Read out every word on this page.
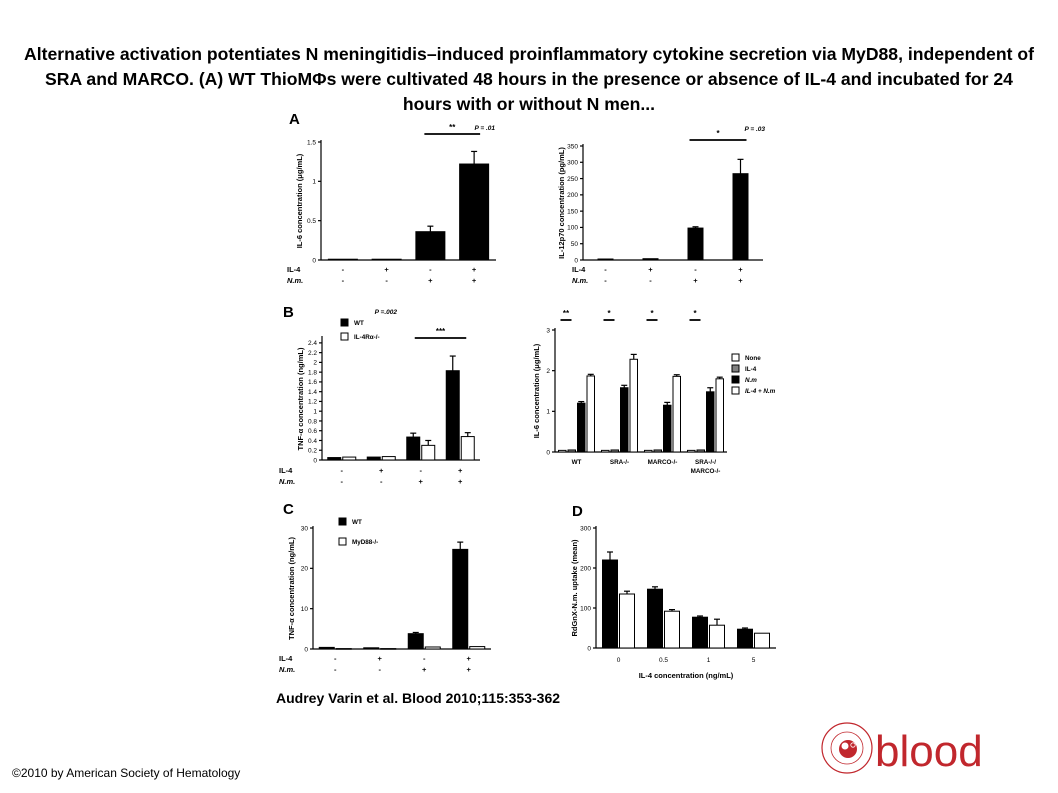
Alternative activation potentiates N meningitidis–induced proinflammatory cytokine secretion via MyD88, independent of SRA and MARCO. (A) WT ThioMΦs were cultivated 48 hours in the presence or absence of IL-4 and incubated for 24 hours with or without N men...
A
0
0.5
1
1.5
IL-6 concentration (μg/mL)
IL-4	-	+	-	+
N.m.	-	-	+	+
**	P = .01
0
50
100
150
200
250
300
350
IL-12p70 concentration (pg/mL)
IL-4	-	+	-	+
N.m. -	-	+	+
*	P = .03
B
0
0.2
0.4
0.6
0.8
1
1.2
1.4
1.6
1.8
2
2.2
2.4
TNF-α concentration (ng/mL)
IL-4	-	+	-	+
N.m.	-	-	+	+
***
P =.002
WT
IL-4Rα-/-
0
1
2
3
IL-6 concentration (μg/mL)
WT	SRA-/-	MARCO-/-	SRA-/-/
MARCO-/-
**	*	*	*
None
IL-4
N.m
IL-4 + N.m
C
0
10
20
30
TNF-α concentration (ng/mL)
IL-4	-	+	-	+
N.m.	-	-	+	+
WT
MyD88-/-
D
0
100
200
300
RdGnX-N.m. uptake (mean)
0	0.5	1	5
IL-4 concentration (ng/mL)
Audrey Varin et al. Blood 2010;115:353-362
©2010 by American Society of Hematology	blood
